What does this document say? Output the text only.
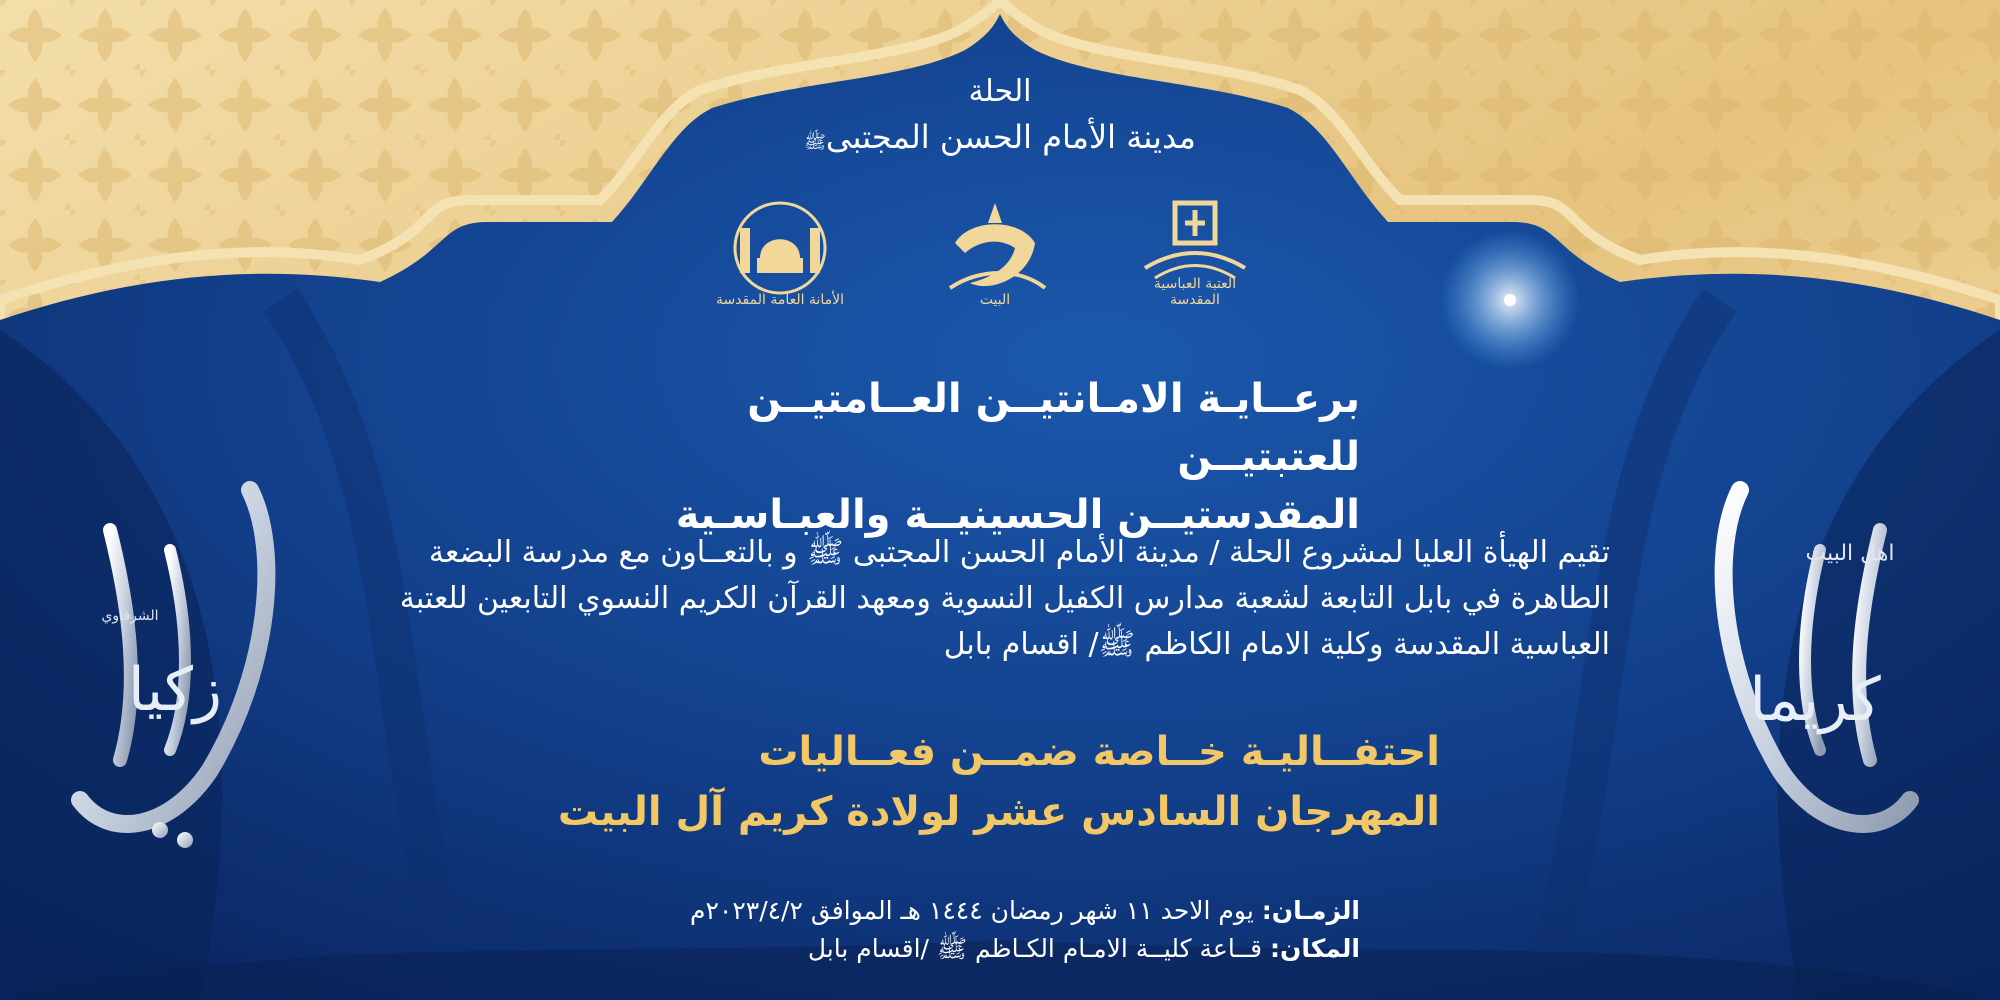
الحلة
مدينة الأمام الحسن المجتبىﷺ
العتبة العباسية المقدسة
البيت
الأمانة العامة المقدسة
برعــايـة الامـانتيــن العــامتيــن للعتبتيــن
المقدستيــن الحسينيــة والعبـاسـية
تقيم الهيأة العليا لمشروع الحلة / مدينة الأمام الحسن المجتبى ﷺ و بالتعــاون مع مدرسة البضعة الطاهرة في بابل التابعة لشعبة مدارس الكفيل النسوية ومعهد القرآن الكريم النسوي التابعين للعتبة العباسية المقدسة وكلية الامام الكاظم ﷺ/ اقسام بابل
احتفــاليـة خــاصة ضمــن فعــاليات
المهرجان السادس عشر لولادة كريم آل البيت
الزمـان: يوم الاحد ١١ شهر رمضان ١٤٤٤ هـ الموافق ٢٠٢٣/٤/٢م
المكان: قــاعة كليــة الامـام الكـاظم ﷺ /اقسام بابل
زكيا
الشرفاوي
كريما
اهل البيت
